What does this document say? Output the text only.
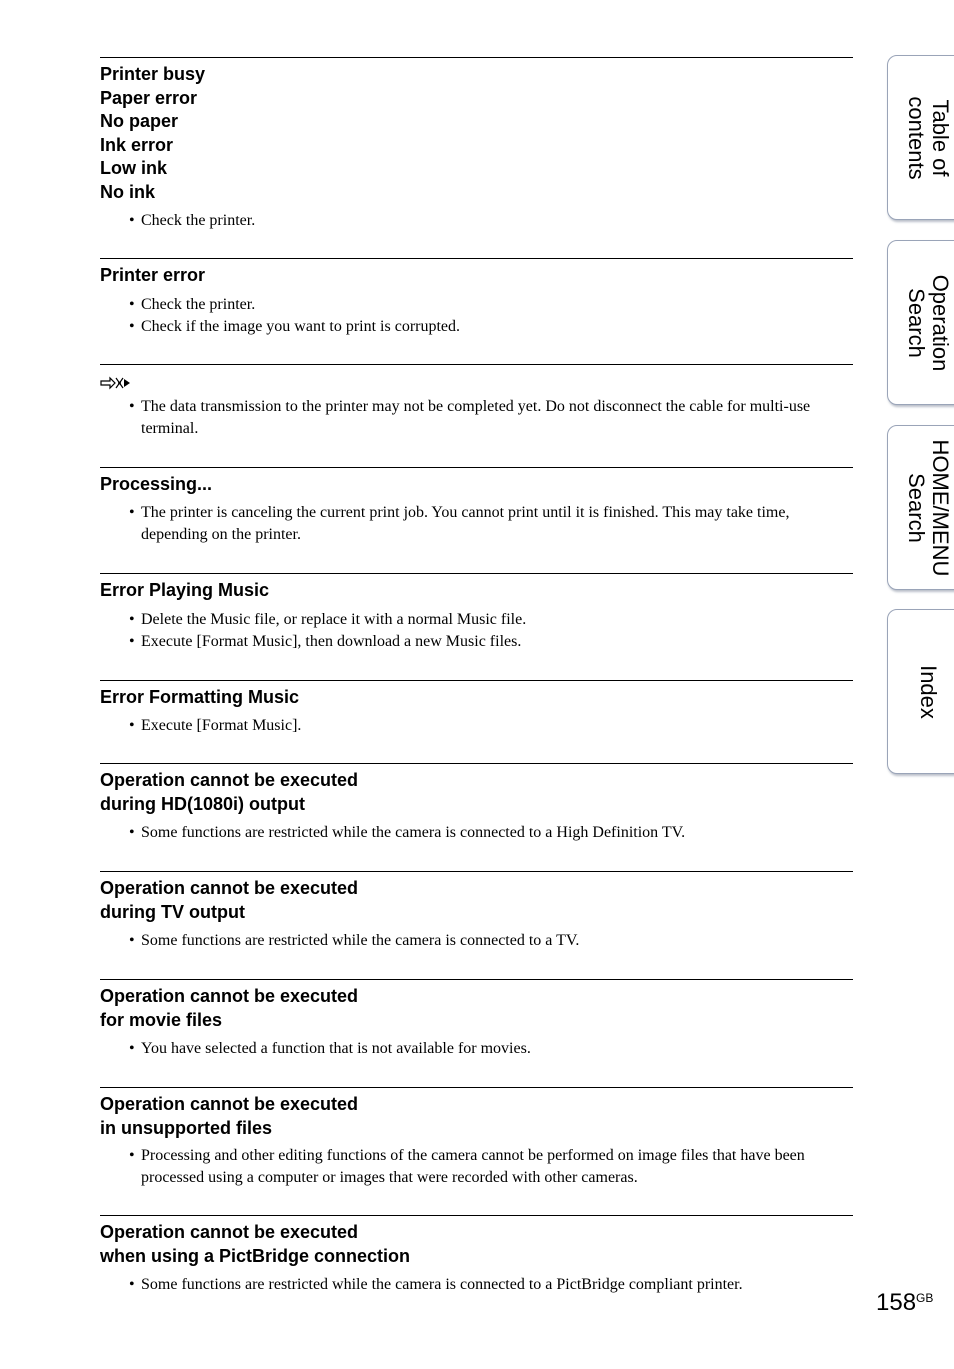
Printer busy
Paper error
No paper
Ink error
Low ink
No ink
• Check the printer.
Printer error
• Check the printer.
• Check if the image you want to print is corrupted.
• The data transmission to the printer may not be completed yet. Do not disconnect the cable for multi-use terminal.
Processing...
• The printer is canceling the current print job. You cannot print until it is finished. This may take time, depending on the printer.
Error Playing Music
• Delete the Music file, or replace it with a normal Music file.
• Execute [Format Music], then download a new Music files.
Error Formatting Music
• Execute [Format Music].
Operation cannot be executed
during HD(1080i) output
• Some functions are restricted while the camera is connected to a High Definition TV.
Operation cannot be executed
during TV output
• Some functions are restricted while the camera is connected to a TV.
Operation cannot be executed
for movie files
• You have selected a function that is not available for movies.
Operation cannot be executed
in unsupported files
• Processing and other editing functions of the camera cannot be performed on image files that have been processed using a computer or images that were recorded with other cameras.
Operation cannot be executed
when using a PictBridge connection
• Some functions are restricted while the camera is connected to a PictBridge compliant printer.
Table of
contents
Operation
Search
HOME/MENU
Search
Index
$158^{GB}$
